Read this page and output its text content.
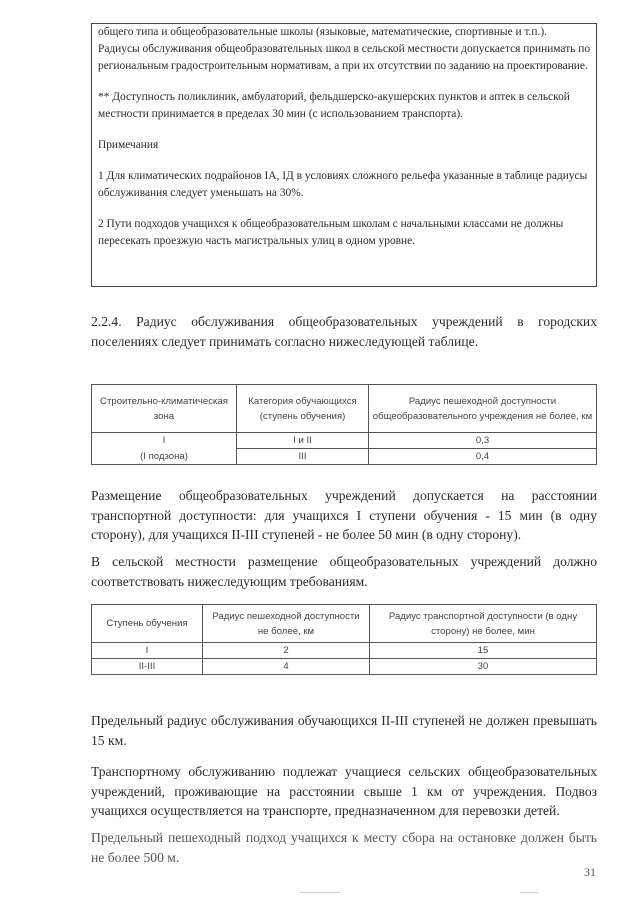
общего типа и общеобразовательные школы (языковые, математические, спортивные и т.п.). Радиусы обслуживания общеобразовательных школ в сельской местности допускается принимать по региональным градостроительным нормативам, а при их отсутствии по заданию на проектирование.

** Доступность поликлиник, амбулаторий, фельдшерско-акушерских пунктов и аптек в сельской местности принимается в пределах 30 мин (с использованием транспорта).

Примечания

1 Для климатических подрайонов IА, IД в условиях сложного рельефа указанные в таблице радиусы обслуживания следует уменьшать на 30%.

2 Пути подходов учащихся к общеобразовательным школам с начальными классами не должны пересекать проезжую часть магистральных улиц в одном уровне.

2.2.4. Радиус обслуживания общеобразовательных учреждений в городских поселениях следует принимать согласно нижеследующей таблице.

Строительно-климатическая зона	Категория обучающихся (ступень обучения)	Радиус пешеходной доступности общеобразовательного учреждения не более, км
I	I и II	0,3
(I подзона)	III	0,4

Размещение общеобразовательных учреждений допускается на расстоянии транспортной доступности: для учащихся I ступени обучения - 15 мин (в одну сторону), для учащихся II-III ступеней - не более 50 мин (в одну сторону).

В сельской местности размещение общеобразовательных учреждений должно соответствовать нижеследующим требованиям.

Ступень обучения	Радиус пешеходной доступности не более, км	Радиус транспортной доступности (в одну сторону) не более, мин
I	2	15
II-III	4	30

Предельный радиус обслуживания обучающихся II-III ступеней не должен превышать 15 км.

Транспортному обслуживанию подлежат учащиеся сельских общеобразовательных учреждений, проживающие на расстоянии свыше 1 км от учреждения. Подвоз учащихся осуществляется на транспорте, предназначенном для перевозки детей.

Предельный пешеходный подход учащихся к месту сбора на остановке должен быть не более 500 м.

31
